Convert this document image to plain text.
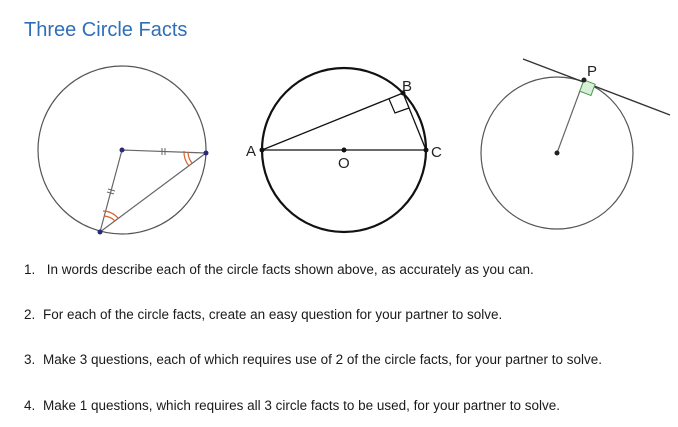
Three Circle Facts
A
B
C
O
P
1. In words describe each of the circle facts shown above, as accurately as you can.
2. For each of the circle facts, create an easy question for your partner to solve.
3. Make 3 questions, each of which requires use of 2 of the circle facts, for your partner to solve.
4. Make 1 questions, which requires all 3 circle facts to be used, for your partner to solve.
